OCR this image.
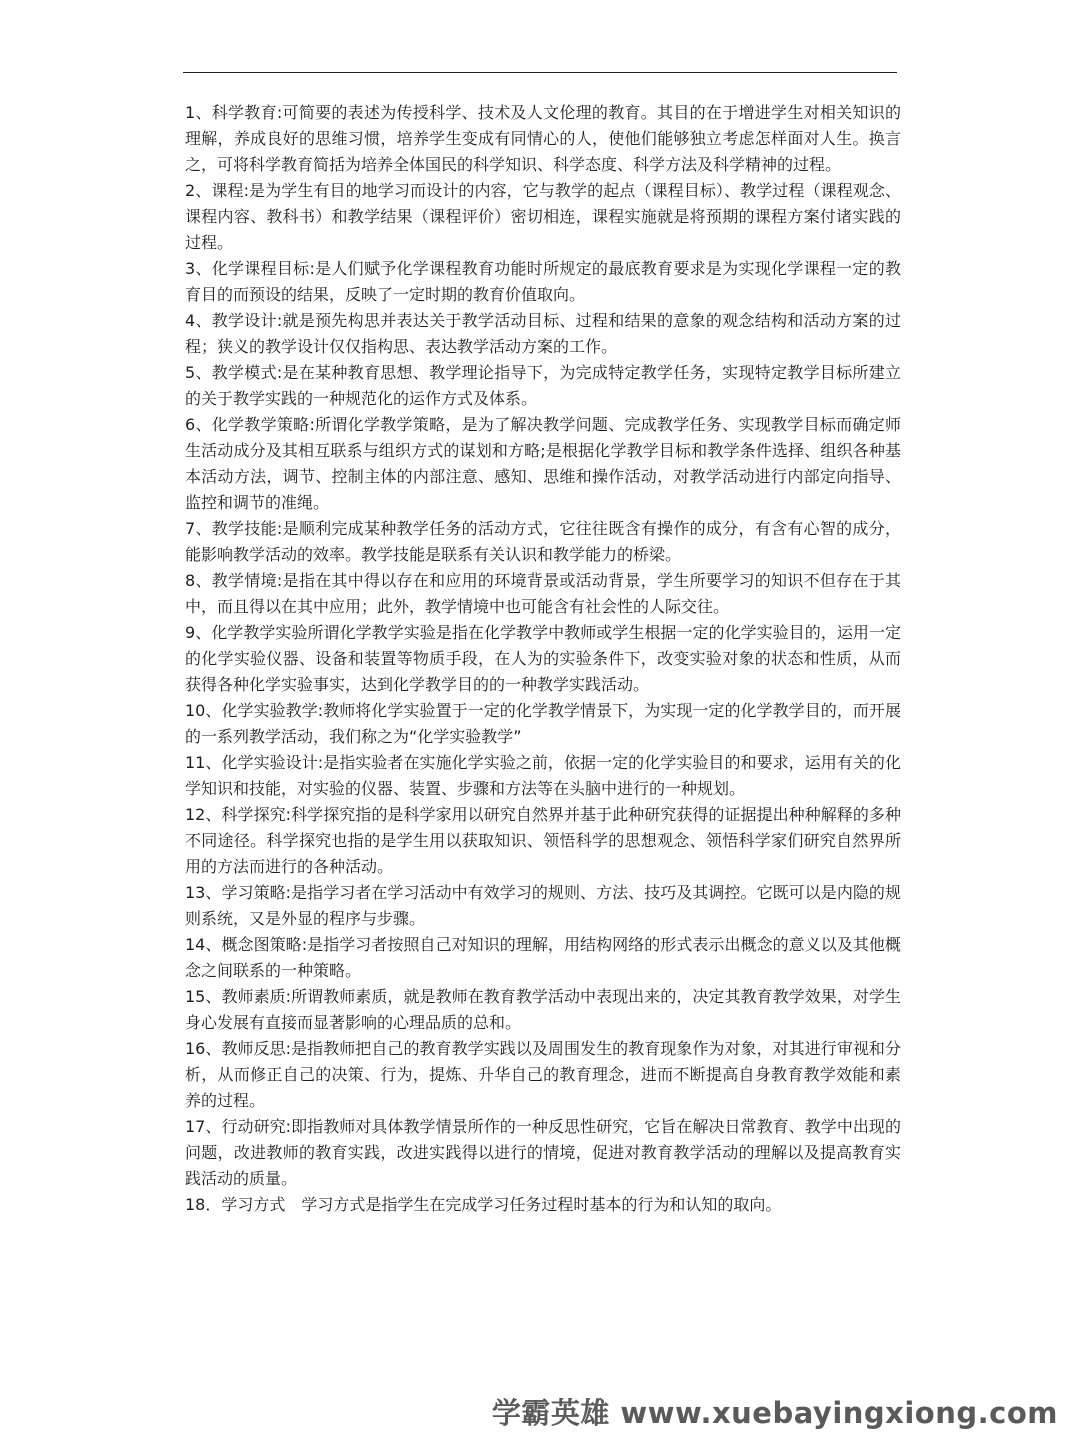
1、科学教育:可简要的表述为传授科学、技术及人文伦理的教育。其目的在于增进学生对相关知识的理解，养成良好的思维习惯，培养学生变成有同情心的人，使他们能够独立考虑怎样面对人生。换言之，可将科学教育简括为培养全体国民的科学知识、科学态度、科学方法及科学精神的过程。

2、课程:是为学生有目的地学习而设计的内容，它与教学的起点（课程目标）、教学过程（课程观念、课程内容、教科书）和教学结果（课程评价）密切相连，课程实施就是将预期的课程方案付诸实践的过程。

3、化学课程目标:是人们赋予化学课程教育功能时所规定的最底教育要求是为实现化学课程一定的教育目的而预设的结果，反映了一定时期的教育价值取向。

4、教学设计:就是预先构思并表达关于教学活动目标、过程和结果的意象的观念结构和活动方案的过程；狭义的教学设计仅仅指构思、表达教学活动方案的工作。

5、教学模式:是在某种教育思想、教学理论指导下，为完成特定教学任务，实现特定教学目标所建立的关于教学实践的一种规范化的运作方式及体系。

6、化学教学策略:所谓化学教学策略，是为了解决教学问题、完成教学任务、实现教学目标而确定师生活动成分及其相互联系与组织方式的谋划和方略;是根据化学教学目标和教学条件选择、组织各种基本活动方法，调节、控制主体的内部注意、感知、思维和操作活动，对教学活动进行内部定向指导、监控和调节的准绳。

7、教学技能:是顺利完成某种教学任务的活动方式，它往往既含有操作的成分，有含有心智的成分，能影响教学活动的效率。教学技能是联系有关认识和教学能力的桥梁。

8、教学情境:是指在其中得以存在和应用的环境背景或活动背景，学生所要学习的知识不但存在于其中，而且得以在其中应用；此外，教学情境中也可能含有社会性的人际交往。

9、化学教学实验所谓化学教学实验是指在化学教学中教师或学生根据一定的化学实验目的，运用一定的化学实验仪器、设备和装置等物质手段，在人为的实验条件下，改变实验对象的状态和性质，从而获得各种化学实验事实，达到化学教学目的的一种教学实践活动。

10、化学实验教学:教师将化学实验置于一定的化学教学情景下，为实现一定的化学教学目的，而开展的一系列教学活动，我们称之为“化学实验教学”

11、化学实验设计:是指实验者在实施化学实验之前，依据一定的化学实验目的和要求，运用有关的化学知识和技能，对实验的仪器、装置、步骤和方法等在头脑中进行的一种规划。

12、科学探究:科学探究指的是科学家用以研究自然界并基于此种研究获得的证据提出种种解释的多种不同途径。科学探究也指的是学生用以获取知识、领悟科学的思想观念、领悟科学家们研究自然界所用的方法而进行的各种活动。

13、学习策略:是指学习者在学习活动中有效学习的规则、方法、技巧及其调控。它既可以是内隐的规则系统，又是外显的程序与步骤。

14、概念图策略:是指学习者按照自己对知识的理解，用结构网络的形式表示出概念的意义以及其他概念之间联系的一种策略。

15、教师素质:所谓教师素质，就是教师在教育教学活动中表现出来的，决定其教育教学效果，对学生身心发展有直接而显著影响的心理品质的总和。

16、教师反思:是指教师把自己的教育教学实践以及周围发生的教育现象作为对象，对其进行审视和分析，从而修正自己的决策、行为，提炼、升华自己的教育理念，进而不断提高自身教育教学效能和素养的过程。

17、行动研究:即指教师对具体教学情景所作的一种反思性研究，它旨在解决日常教育、教学中出现的问题，改进教师的教育实践，改进实践得以进行的情境，促进对教育教学活动的理解以及提高教育实践活动的质量。

18．学习方式　学习方式是指学生在完成学习任务过程时基本的行为和认知的取向。

学霸英雄 www.xuebayingxiong.com
